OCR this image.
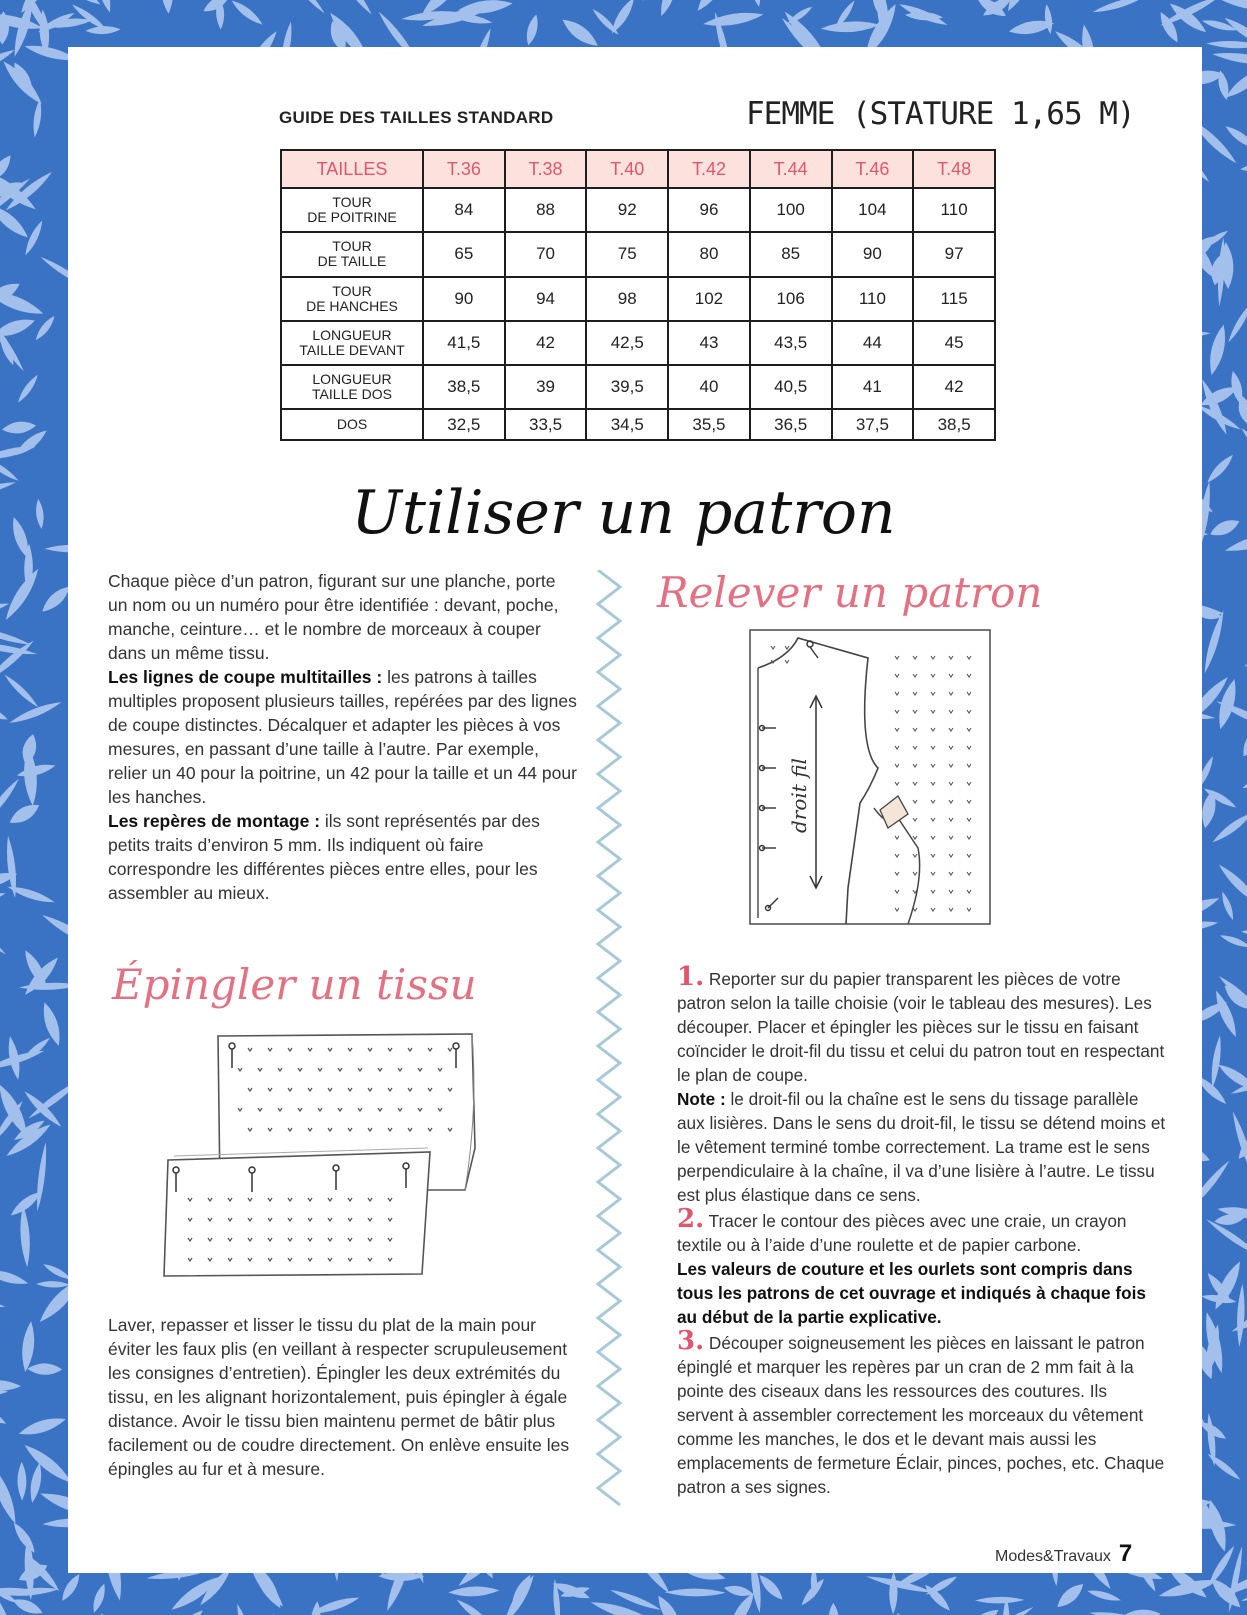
GUIDE DES TAILLES STANDARD	FEMME (STATURE 1,65 M)
TAILLES	T.36	T.38	T.40	T.42	T.44	T.46	T.48
TOUR
DE POITRINE	84	88	92	96	100	104	110
TOUR
DE TAILLE	65	70	75	80	85	90	97
TOUR
DE HANCHES	90	94	98	102	106	110	115
LONGUEUR
TAILLE DEVANT	41,5	42	42,5	43	43,5	44	45
LONGUEUR
TAILLE DOS	38,5	39	39,5	40	40,5	41	42
DOS	32,5	33,5	34,5	35,5	36,5	37,5	38,5
Utiliser un patron
Chaque pièce d’un patron, figurant sur une planche, porte un nom ou un numéro pour être identifiée : devant, poche, manche, ceinture… et le nombre de morceaux à couper dans un même tissu.
Les lignes de coupe multitailles : les patrons à tailles multiples proposent plusieurs tailles, repérées par des lignes de coupe distinctes. Décalquer et adapter les pièces à vos mesures, en passant d’une taille à l’autre. Par exemple, relier un 40 pour la poitrine, un 42 pour la taille et un 44 pour les hanches.
Les repères de montage : ils sont représentés par des petits traits d’environ 5 mm. Ils indiquent où faire correspondre les différentes pièces entre elles, pour les assembler au mieux.
Épingler un tissu
Laver, repasser et lisser le tissu du plat de la main pour éviter les faux plis (en veillant à respecter scrupuleusement les consignes d’entretien). Épingler les deux extrémités du tissu, en les alignant horizontalement, puis épingler à égale distance. Avoir le tissu bien maintenu permet de bâtir plus facilement ou de coudre directement. On enlève ensuite les épingles au fur et à mesure.
Relever un patron
droit fil
1. Reporter sur du papier transparent les pièces de votre patron selon la taille choisie (voir le tableau des mesures). Les découper. Placer et épingler les pièces sur le tissu en faisant coïncider le droit-fil du tissu et celui du patron tout en respectant le plan de coupe.
Note : le droit-fil ou la chaîne est le sens du tissage parallèle aux lisières. Dans le sens du droit-fil, le tissu se détend moins et le vêtement terminé tombe correctement. La trame est le sens perpendiculaire à la chaîne, il va d’une lisière à l’autre. Le tissu est plus élastique dans ce sens.
2. Tracer le contour des pièces avec une craie, un crayon textile ou à l’aide d’une roulette et de papier carbone.
Les valeurs de couture et les ourlets sont compris dans tous les patrons de cet ouvrage et indiqués à chaque fois au début de la partie explicative.
3. Découper soigneusement les pièces en laissant le patron épinglé et marquer les repères par un cran de 2 mm fait à la pointe des ciseaux dans les ressources des coutures. Ils servent à assembler correctement les morceaux du vêtement comme les manches, le dos et le devant mais aussi les emplacements de fermeture Éclair, pinces, poches, etc. Chaque patron a ses signes.
Modes&Travaux 7
